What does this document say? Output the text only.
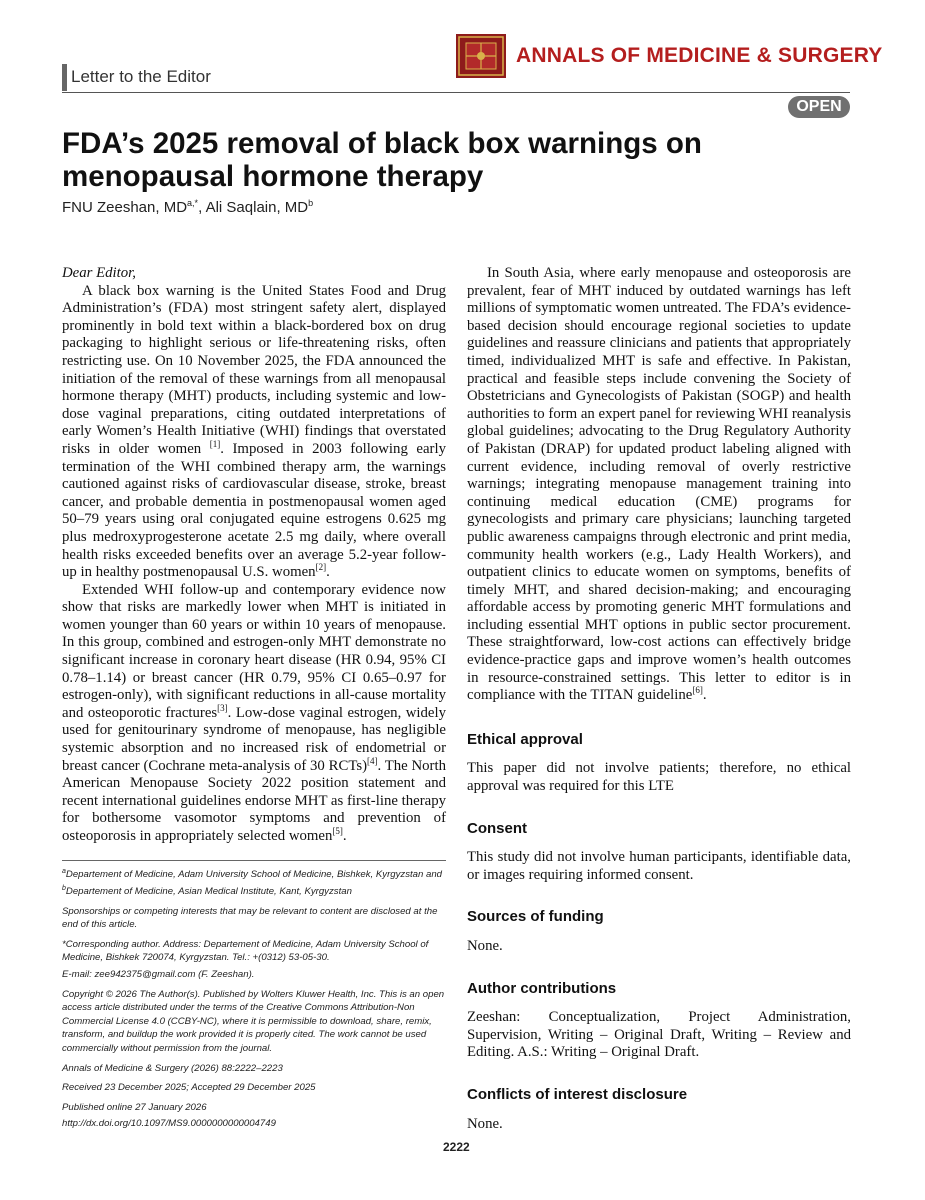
ANNALS OF MEDICINE & SURGERY
Letter to the Editor
OPEN
FDA’s 2025 removal of black box warnings on menopausal hormone therapy
FNU Zeeshan, $MD^{a,*}$, Ali Saqlain, $MD^b$

Dear Editor,

A black box warning is the United States Food and Drug Administration’s (FDA) most stringent safety alert, displayed prominently in bold text within a black-bordered box on drug packaging to highlight serious or life-threatening risks, often restricting use. On 10 November 2025, the FDA announced the initiation of the removal of these warnings from all menopausal hormone therapy (MHT) products, including systemic and low-dose vaginal preparations, citing outdated interpretations of early Women’s Health Initiative (WHI) findings that overstated risks in older women [1]. Imposed in 2003 following early termination of the WHI combined therapy arm, the warnings cautioned against risks of cardiovascular disease, stroke, breast cancer, and probable dementia in postmenopausal women aged 50–79 years using oral conjugated equine estrogens 0.625 mg plus medroxyprogesterone acetate 2.5 mg daily, where overall health risks exceeded benefits over an average 5.2-year follow-up in healthy postmenopausal U.S. women[2].

Extended WHI follow-up and contemporary evidence now show that risks are markedly lower when MHT is initiated in women younger than 60 years or within 10 years of menopause. In this group, combined and estrogen-only MHT demonstrate no significant increase in coronary heart disease (HR 0.94, 95% CI 0.78–1.14) or breast cancer (HR 0.79, 95% CI 0.65–0.97 for estrogen-only), with significant reductions in all-cause mortality and osteoporotic fractures[3]. Low-dose vaginal estrogen, widely used for genitourinary syndrome of menopause, has negligible systemic absorption and no increased risk of endometrial or breast cancer (Cochrane meta-analysis of 30 RCTs)[4]. The North American Menopause Society 2022 position statement and recent international guidelines endorse MHT as first-line therapy for bothersome vasomotor symptoms and prevention of osteoporosis in appropriately selected women[5].

$^a$Departement of Medicine, Adam University School of Medicine, Bishkek, Kyrgyzstan and $^b$Departement of Medicine, Asian Medical Institute, Kant, Kyrgyzstan

Sponsorships or competing interests that may be relevant to content are disclosed at the end of this article.

*Corresponding author. Address: Departement of Medicine, Adam University School of Medicine, Bishkek 720074, Kyrgyzstan. Tel.: +(0312) 53-05-30.

E-mail: zee942375@gmail.com (F. Zeeshan).

Copyright © 2026 The Author(s). Published by Wolters Kluwer Health, Inc. This is an open access article distributed under the terms of the Creative Commons Attribution-Non Commercial License 4.0 (CCBY-NC), where it is permissible to download, share, remix, transform, and buildup the work provided it is properly cited. The work cannot be used commercially without permission from the journal.

Annals of Medicine & Surgery (2026) 88:2222–2223

Received 23 December 2025; Accepted 29 December 2025

Published online 27 January 2026

http://dx.doi.org/10.1097/MS9.0000000000004749

In South Asia, where early menopause and osteoporosis are prevalent, fear of MHT induced by outdated warnings has left millions of symptomatic women untreated. The FDA’s evidence-based decision should encourage regional societies to update guidelines and reassure clinicians and patients that appropriately timed, individualized MHT is safe and effective. In Pakistan, practical and feasible steps include convening the Society of Obstetricians and Gynecologists of Pakistan (SOGP) and health authorities to form an expert panel for reviewing WHI reanalysis global guidelines; advocating to the Drug Regulatory Authority of Pakistan (DRAP) for updated product labeling aligned with current evidence, including removal of overly restrictive warnings; integrating menopause management training into continuing medical education (CME) programs for gynecologists and primary care physicians; launching targeted public awareness campaigns through electronic and print media, community health workers (e.g., Lady Health Workers), and outpatient clinics to educate women on symptoms, benefits of timely MHT, and shared decision-making; and encouraging affordable access by promoting generic MHT formulations and including essential MHT options in public sector procurement. These straightforward, low-cost actions can effectively bridge evidence-practice gaps and improve women’s health outcomes in resource-constrained settings. This letter to editor is in compliance with the TITAN guideline[6].

Ethical approval

This paper did not involve patients; therefore, no ethical approval was required for this LTE

Consent

This study did not involve human participants, identifiable data, or images requiring informed consent.

Sources of funding

None.

Author contributions

Zeeshan: Conceptualization, Project Administration, Supervision, Writing – Original Draft, Writing – Review and Editing. A.S.: Writing – Original Draft.

Conflicts of interest disclosure

None.

2222
